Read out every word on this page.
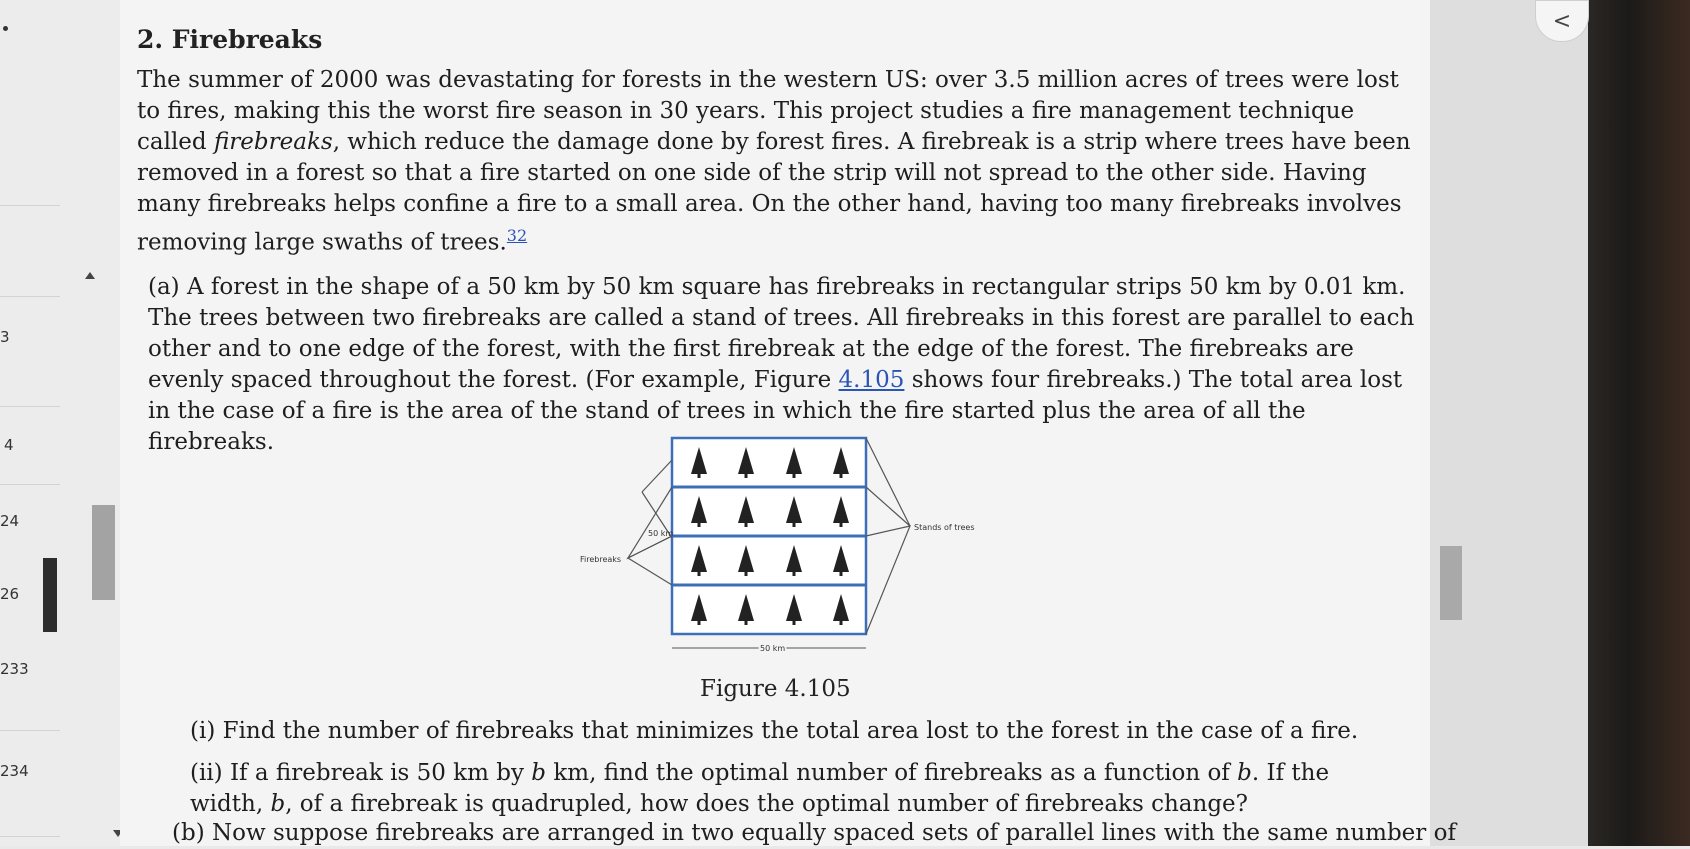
3
4
24
26
233
234
<
2. Firebreaks
The summer of 2000 was devastating for forests in the western US: over 3.5 million acres of trees were lost to fires, making this the worst fire season in 30 years. This project studies a fire management technique called firebreaks, which reduce the damage done by forest fires. A firebreak is a strip where trees have been removed in a forest so that a fire started on one side of the strip will not spread to the other side. Having many firebreaks helps confine a fire to a small area. On the other hand, having too many firebreaks involves removing large swaths of trees.$^{32}$
(a) A forest in the shape of a 50 km by 50 km square has firebreaks in rectangular strips 50 km by 0.01 km. The trees between two firebreaks are called a stand of trees. All firebreaks in this forest are parallel to each other and to one edge of the forest, with the first firebreak at the edge of the forest. The firebreaks are evenly spaced throughout the forest. (For example, Figure 4.105 shows four firebreaks.) The total area lost in the case of a fire is the area of the stand of trees in which the fire started plus the area of all the firebreaks.
Firebreaks
50 km
Stands of trees
50 km
Figure 4.105
(i) Find the number of firebreaks that minimizes the total area lost to the forest in the case of a fire.
(ii) If a firebreak is 50 km by b km, find the optimal number of firebreaks as a function of b. If the width, b, of a firebreak is quadrupled, how does the optimal number of firebreaks change?
(b) Now suppose firebreaks are arranged in two equally spaced sets of parallel lines with the same number of
